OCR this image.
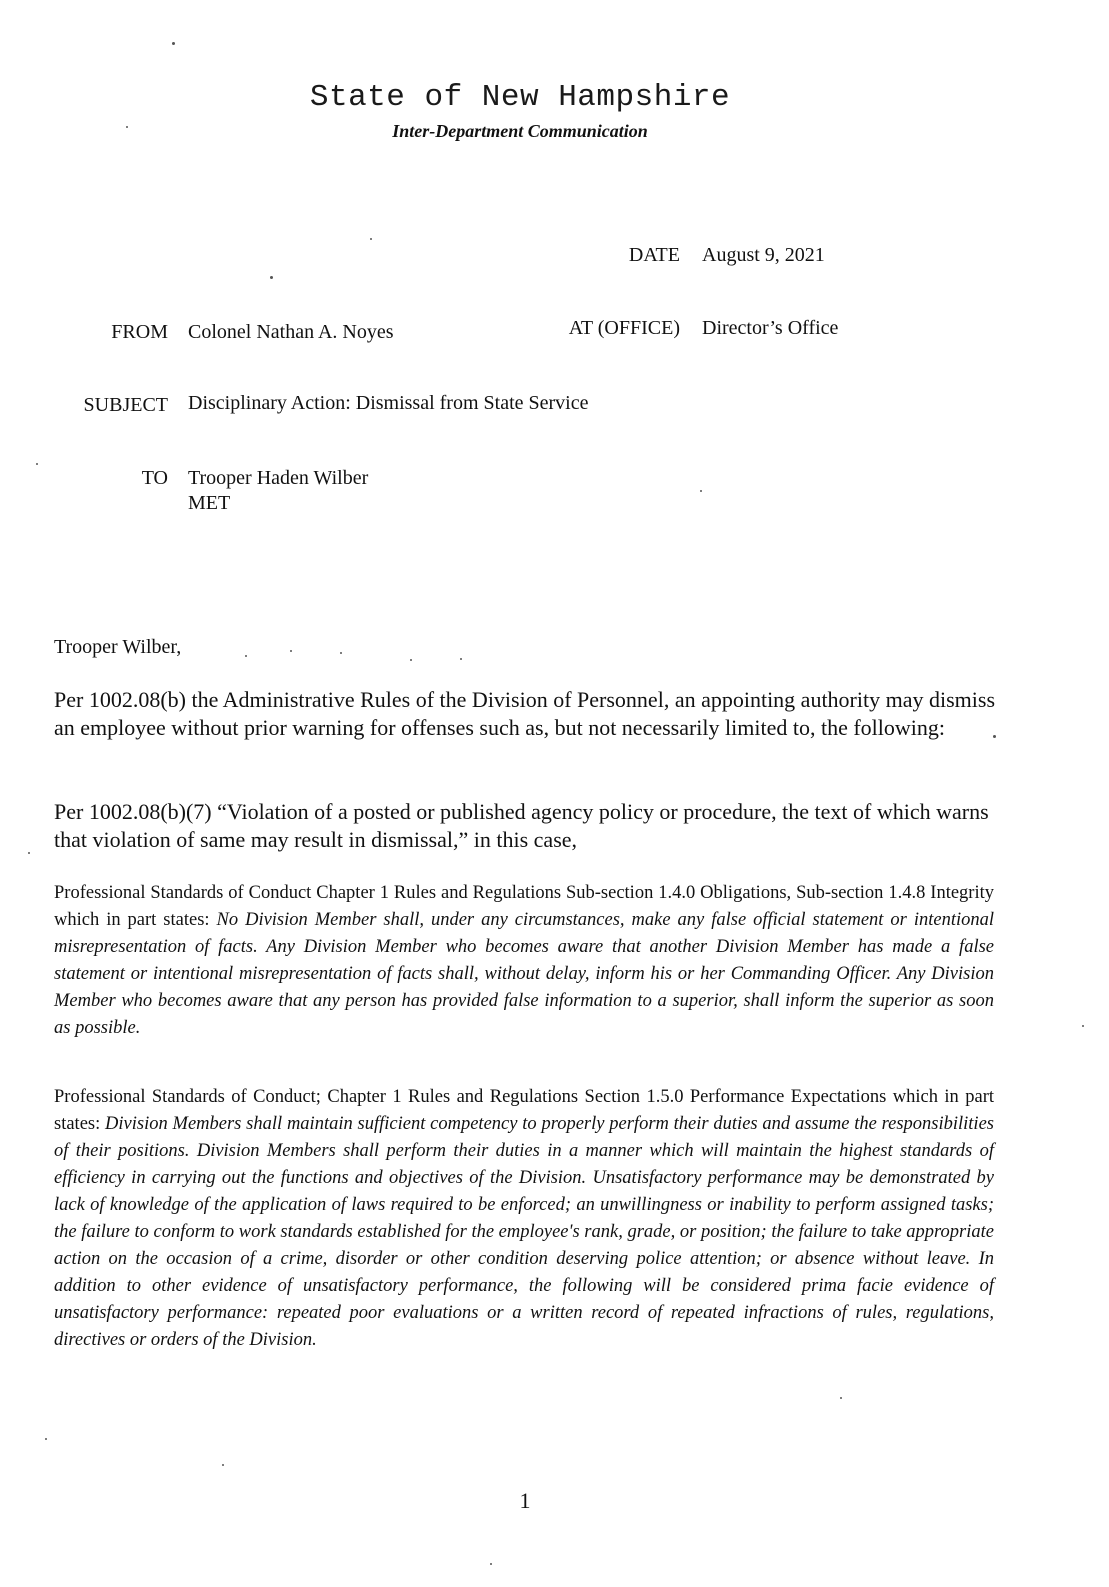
State of New Hampshire
Inter-Department Communication
DATE August 9, 2021
FROM Colonel Nathan A. Noyes	AT (OFFICE) Director’s Office
SUBJECT Disciplinary Action: Dismissal from State Service
TO Trooper Haden Wilber
MET
Trooper Wilber,
Per 1002.08(b) the Administrative Rules of the Division of Personnel, an appointing authority may dismiss an employee without prior warning for offenses such as, but not necessarily limited to, the following:
Per 1002.08(b)(7) “Violation of a posted or published agency policy or procedure, the text of which warns that violation of same may result in dismissal,” in this case,
Professional Standards of Conduct Chapter 1 Rules and Regulations Sub-section 1.4.0 Obligations, Sub-section 1.4.8 Integrity which in part states: No Division Member shall, under any circumstances, make any false official statement or intentional misrepresentation of facts. Any Division Member who becomes aware that another Division Member has made a false statement or intentional misrepresentation of facts shall, without delay, inform his or her Commanding Officer. Any Division Member who becomes aware that any person has provided false information to a superior, shall inform the superior as soon as possible.
Professional Standards of Conduct; Chapter 1 Rules and Regulations Section 1.5.0 Performance Expectations which in part states: Division Members shall maintain sufficient competency to properly perform their duties and assume the responsibilities of their positions. Division Members shall perform their duties in a manner which will maintain the highest standards of efficiency in carrying out the functions and objectives of the Division. Unsatisfactory performance may be demonstrated by lack of knowledge of the application of laws required to be enforced; an unwillingness or inability to perform assigned tasks; the failure to conform to work standards established for the employee's rank, grade, or position; the failure to take appropriate action on the occasion of a crime, disorder or other condition deserving police attention; or absence without leave. In addition to other evidence of unsatisfactory performance, the following will be considered prima facie evidence of unsatisfactory performance: repeated poor evaluations or a written record of repeated infractions of rules, regulations, directives or orders of the Division.
1
